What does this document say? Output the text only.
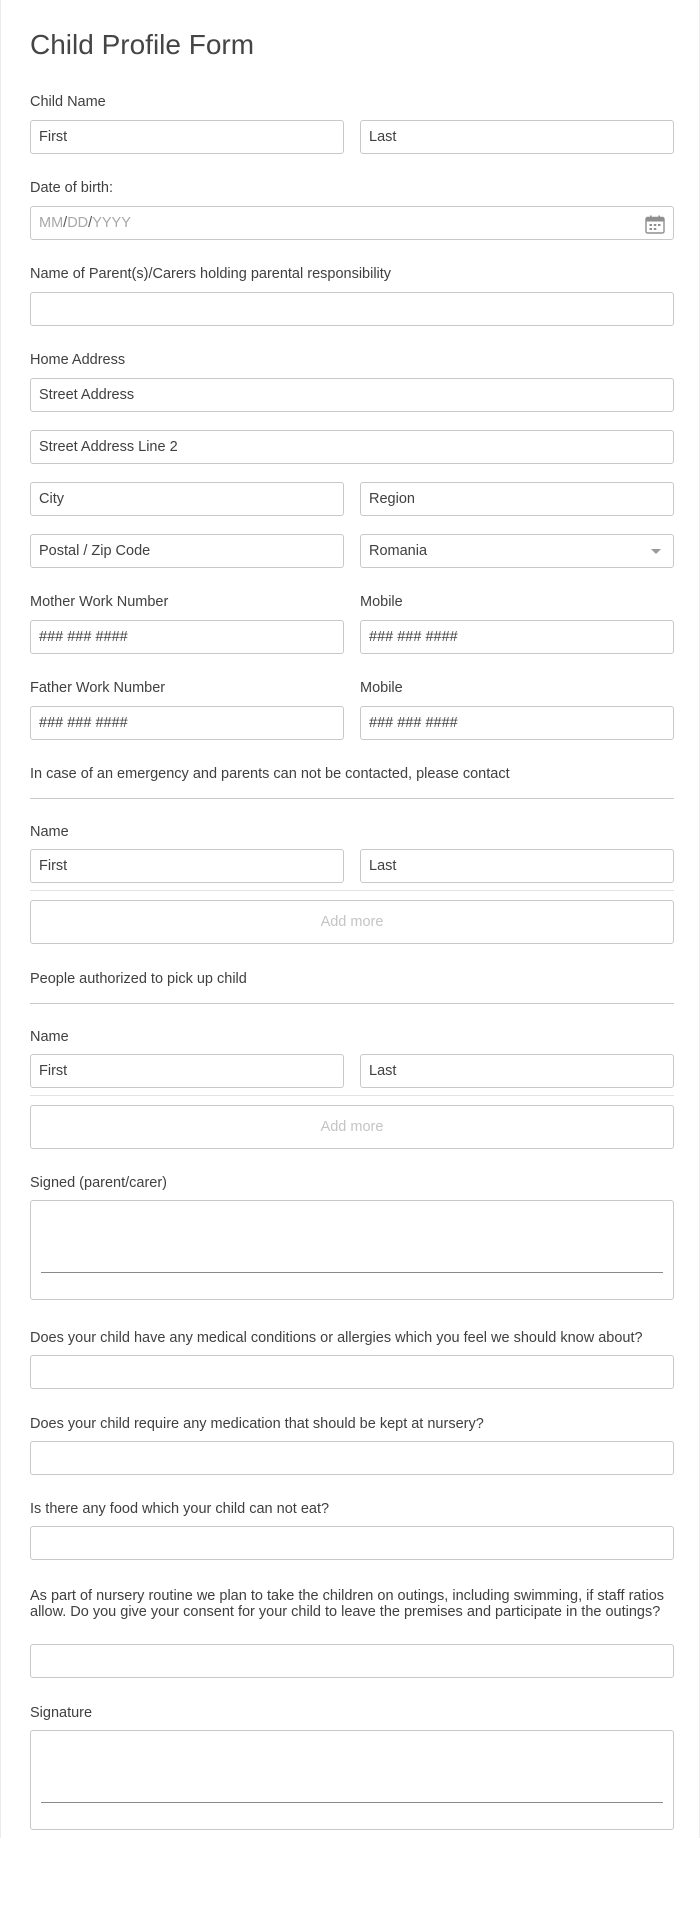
Child Profile Form
Child Name
First	Last
Date of birth:
MM/DD/YYYY
Name of Parent(s)/Carers holding parental responsibility
Home Address
Street Address
Street Address Line 2
City	Region
Postal / Zip Code	Romania
Mother Work Number	Mobile
### ### ####	### ### ####
Father Work Number	Mobile
### ### ####	### ### ####
In case of an emergency and parents can not be contacted, please contact
Name
First	Last
Add more
People authorized to pick up child
Name
First	Last
Add more
Signed (parent/carer)
Does your child have any medical conditions or allergies which you feel we should know about?
Does your child require any medication that should be kept at nursery?
Is there any food which your child can not eat?
As part of nursery routine we plan to take the children on outings, including swimming, if staff ratios allow. Do you give your consent for your child to leave the premises and participate in the outings?
Signature
